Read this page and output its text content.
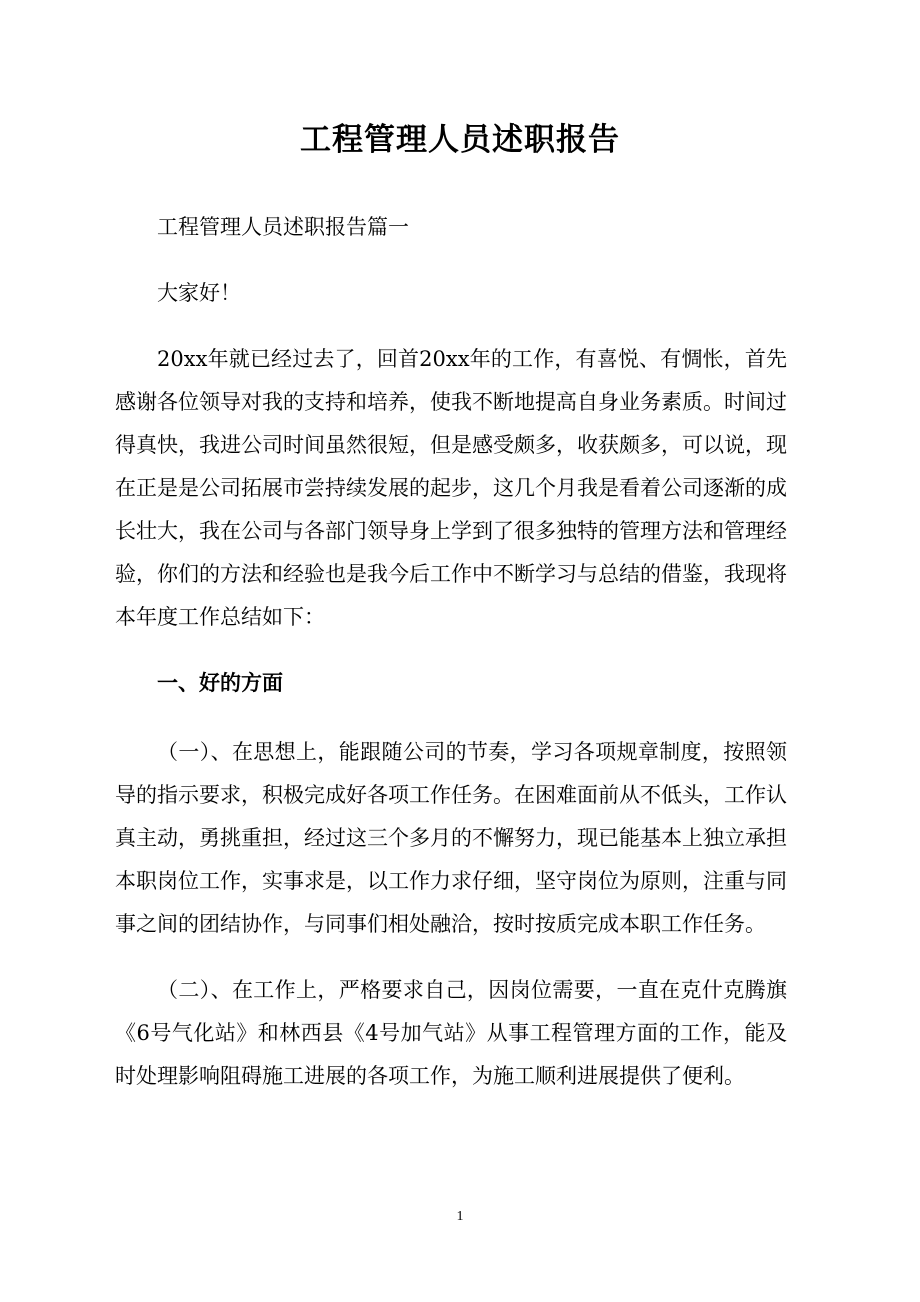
工程管理人员述职报告

工程管理人员述职报告篇一

大家好！

20xx年就已经过去了，回首20xx年的工作，有喜悦、有惆怅，首先感谢各位领导对我的支持和培养，使我不断地提高自身业务素质。时间过得真快，我进公司时间虽然很短，但是感受颇多，收获颇多，可以说，现在正是是公司拓展市尝持续发展的起步，这几个月我是看着公司逐渐的成长壮大，我在公司与各部门领导身上学到了很多独特的管理方法和管理经验，你们的方法和经验也是我今后工作中不断学习与总结的借鉴，我现将本年度工作总结如下：

一、好的方面

（一）、在思想上，能跟随公司的节奏，学习各项规章制度，按照领导的指示要求，积极完成好各项工作任务。在困难面前从不低头，工作认真主动，勇挑重担，经过这三个多月的不懈努力，现已能基本上独立承担本职岗位工作，实事求是，以工作力求仔细，坚守岗位为原则，注重与同事之间的团结协作，与同事们相处融洽，按时按质完成本职工作任务。

（二）、在工作上，严格要求自己，因岗位需要，一直在克什克腾旗《6号气化站》和林西县《4号加气站》从事工程管理方面的工作，能及时处理影响阻碍施工进展的各项工作，为施工顺利进展提供了便利。

1
